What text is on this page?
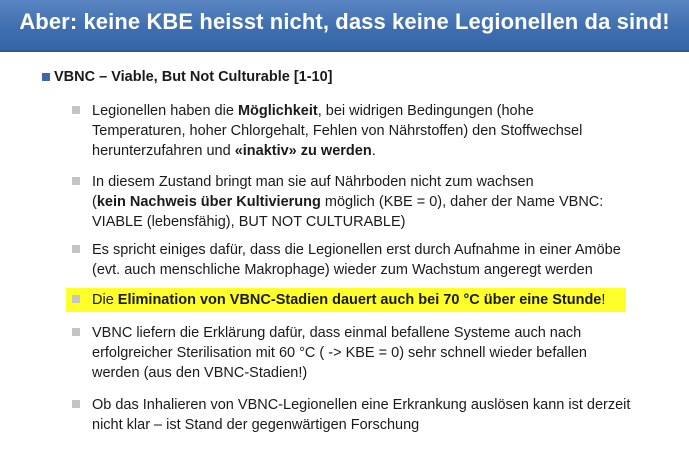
Aber: keine KBE heisst nicht, dass keine Legionellen da sind!
VBNC – Viable, But Not Culturable [1-10]
Legionellen haben die Möglichkeit, bei widrigen Bedingungen (hohe
Temperaturen, hoher Chlorgehalt, Fehlen von Nährstoffen) den Stoffwechsel
herunterzufahren und «inaktiv» zu werden.
In diesem Zustand bringt man sie auf Nährboden nicht zum wachsen
(kein Nachweis über Kultivierung möglich (KBE = 0), daher der Name VBNC:
VIABLE (lebensfähig), BUT NOT CULTURABLE)
Es spricht einiges dafür, dass die Legionellen erst durch Aufnahme in einer Amöbe
(evt. auch menschliche Makrophage) wieder zum Wachstum angeregt werden
Die Elimination von VBNC-Stadien dauert auch bei 70 °C über eine Stunde!
VBNC liefern die Erklärung dafür, dass einmal befallene Systeme auch nach
erfolgreicher Sterilisation mit 60 °C ( -> KBE = 0) sehr schnell wieder befallen
werden (aus den VBNC-Stadien!)
Ob das Inhalieren von VBNC-Legionellen eine Erkrankung auslösen kann ist derzeit
nicht klar – ist Stand der gegenwärtigen Forschung
